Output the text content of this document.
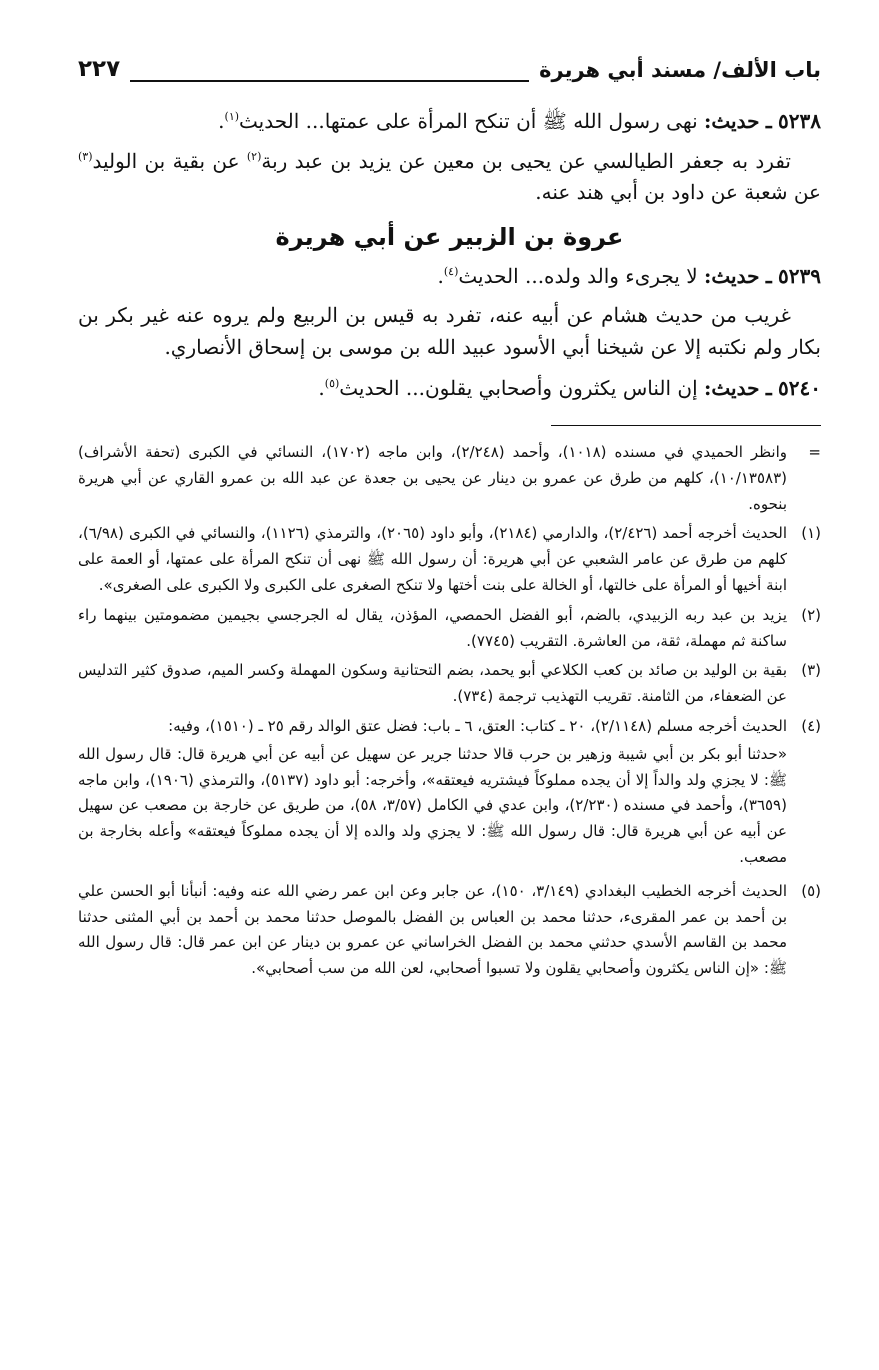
باب الألف/ مسند أبي هريرة
٢٢٧

٥٢٣٨ ـ حديث: نهى رسول الله ﷺ أن تنكح المرأة على عمتها... الحديث$^{(١)}$.

تفرد به جعفر الطيالسي عن يحيى بن معين عن يزيد بن عبد ربة$^{(٢)}$ عن بقية بن الوليد$^{(٣)}$ عن شعبة عن داود بن أبي هند عنه.

عروة بن الزبير عن أبي هريرة

٥٢٣٩ ـ حديث: لا يجرىء والد ولده... الحديث$^{(٤)}$.

غريب من حديث هشام عن أبيه عنه، تفرد به قيس بن الربيع ولم يروه عنه غير بكر بن بكار ولم نكتبه إلا عن شيخنا أبي الأسود عبيد الله بن موسى بن إسحاق الأنصاري.

٥٢٤٠ ـ حديث: إن الناس يكثرون وأصحابي يقلون... الحديث$^{(٥)}$.

=
وانظر الحميدي في مسنده (١٠١٨)، وأحمد (٢/٢٤٨)، وابن ماجه (١٧٠٢)، النسائي في الكبرى (تحفة الأشراف) (١٠/١٣٥٨٣)، كلهم من طرق عن عمرو بن دينار عن يحيى بن جعدة عن عبد الله بن عمرو القاري عن أبي هريرة بنحوه.
(١)
الحديث أخرجه أحمد (٢/٤٢٦)، والدارمي (٢١٨٤)، وأبو داود (٢٠٦٥)، والترمذي (١١٢٦)، والنسائي في الكبرى (٦/٩٨)، كلهم من طرق عن عامر الشعبي عن أبي هريرة: أن رسول الله ﷺ نهى أن تنكح المرأة على عمتها، أو العمة على ابنة أخيها أو المرأة على خالتها، أو الخالة على بنت أختها ولا تنكح الصغرى على الكبرى ولا الكبرى على الصغرى».
(٢)
يزيد بن عبد ربه الزبيدي، بالضم، أبو الفضل الحمصي، المؤذن، يقال له الجرجسي بجيمين مضمومتين بينهما راء ساكنة ثم مهملة، ثقة، من العاشرة. التقريب (٧٧٤٥).
(٣)
بقية بن الوليد بن صائد بن كعب الكلاعي أبو يحمد، بضم التحتانية وسكون المهملة وكسر الميم، صدوق كثير التدليس عن الضعفاء، من الثامنة. تقريب التهذيب ترجمة (٧٣٤).
(٤)
الحديث أخرجه مسلم (٢/١١٤٨)، ٢٠ ـ كتاب: العتق، ٦ ـ باب: فضل عتق الوالد رقم ٢٥ ـ (١٥١٠)، وفيه:
«حدثنا أبو بكر بن أبي شيبة وزهير بن حرب قالا حدثنا جرير عن سهيل عن أبيه عن أبي هريرة قال: قال رسول الله ﷺ: لا يجزي ولد والداً إلا أن يجده مملوكاً فيشتريه فيعتقه»، وأخرجه: أبو داود (٥١٣٧)، والترمذي (١٩٠٦)، وابن ماجه (٣٦٥٩)، وأحمد في مسنده (٢/٢٣٠)، وابن عدي في الكامل (٣/٥٧، ٥٨)، من طريق عن خارجة بن مصعب عن سهيل عن أبيه عن أبي هريرة قال: قال رسول الله ﷺ: لا يجزي ولد والده إلا أن يجده مملوكاً فيعتقه» وأعله بخارجة بن مصعب.
(٥)
الحديث أخرجه الخطيب البغدادي (٣/١٤٩، ١٥٠)، عن جابر وعن ابن عمر رضي الله عنه وفيه: أنبأنا أبو الحسن علي بن أحمد بن عمر المقرىء، حدثنا محمد بن العباس بن الفضل بالموصل حدثنا محمد بن أحمد بن أبي المثنى حدثنا محمد بن القاسم الأسدي حدثني محمد بن الفضل الخراساني عن عمرو بن دينار عن ابن عمر قال: قال رسول الله ﷺ: «إن الناس يكثرون وأصحابي يقلون ولا تسبوا أصحابي، لعن الله من سب أصحابي».
